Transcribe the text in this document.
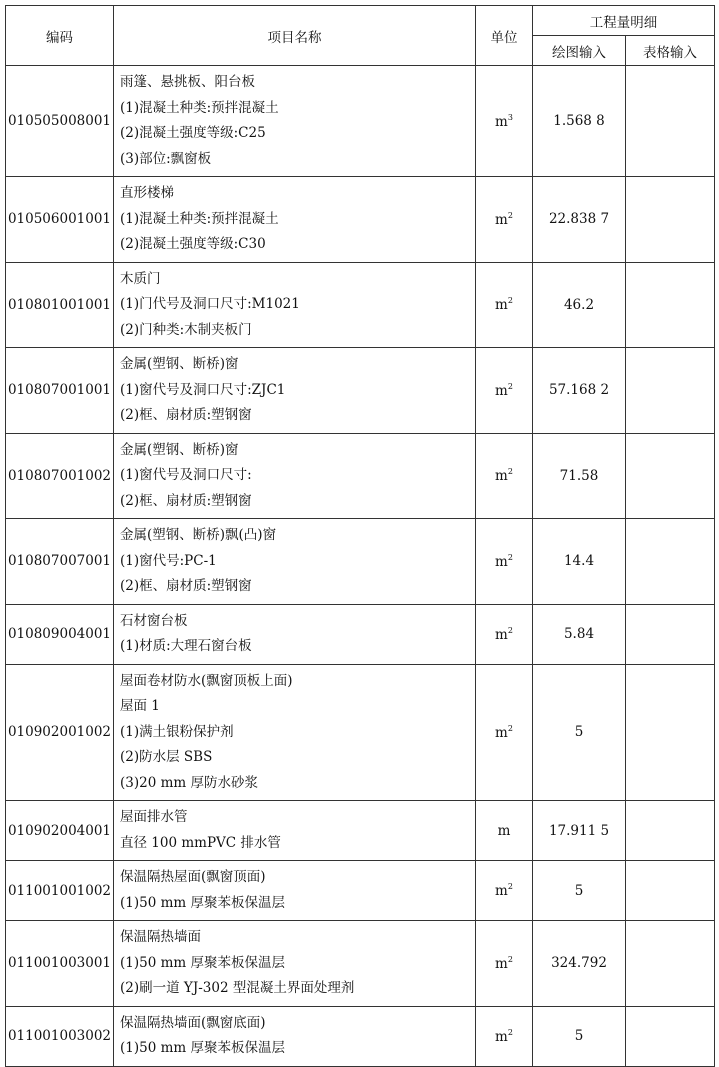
编码	项目名称	单位	工程量明细	
			绘图输入	表格输入
010505008001	雨篷、悬挑板、阳台板
(1)混凝土种类:预拌混凝土
(2)混凝土强度等级:C25
(3)部位:飘窗板	$m^3$	1.568 8	
010506001001	直形楼梯
(1)混凝土种类:预拌混凝土
(2)混凝土强度等级:C30	$m^2$	22.838 7	
010801001001	木质门
(1)门代号及洞口尺寸:M1021
(2)门种类:木制夹板门	$m^2$	46.2	
010807001001	金属(塑钢、断桥)窗
(1)窗代号及洞口尺寸:ZJC1
(2)框、扇材质:塑钢窗	$m^2$	57.168 2	
010807001002	金属(塑钢、断桥)窗
(1)窗代号及洞口尺寸:
(2)框、扇材质:塑钢窗	$m^2$	71.58	
010807007001	金属(塑钢、断桥)飘(凸)窗
(1)窗代号:PC-1
(2)框、扇材质:塑钢窗	$m^2$	14.4	
010809004001	石材窗台板
(1)材质:大理石窗台板	$m^2$	5.84	
010902001002	屋面卷材防水(飘窗顶板上面)
屋面 1
(1)满土银粉保护剂
(2)防水层 SBS
(3)20 mm 厚防水砂浆	$m^2$	5	
010902004001	屋面排水管
直径 100 mmPVC 排水管	m	17.911 5	
011001001002	保温隔热屋面(飘窗顶面)
(1)50 mm 厚聚苯板保温层	$m^2$	5	
011001003001	保温隔热墙面
(1)50 mm 厚聚苯板保温层
(2)刷一道 YJ-302 型混凝土界面处理剂	$m^2$	324.792	
011001003002	保温隔热墙面(飘窗底面)
(1)50 mm 厚聚苯板保温层	$m^2$	5	
